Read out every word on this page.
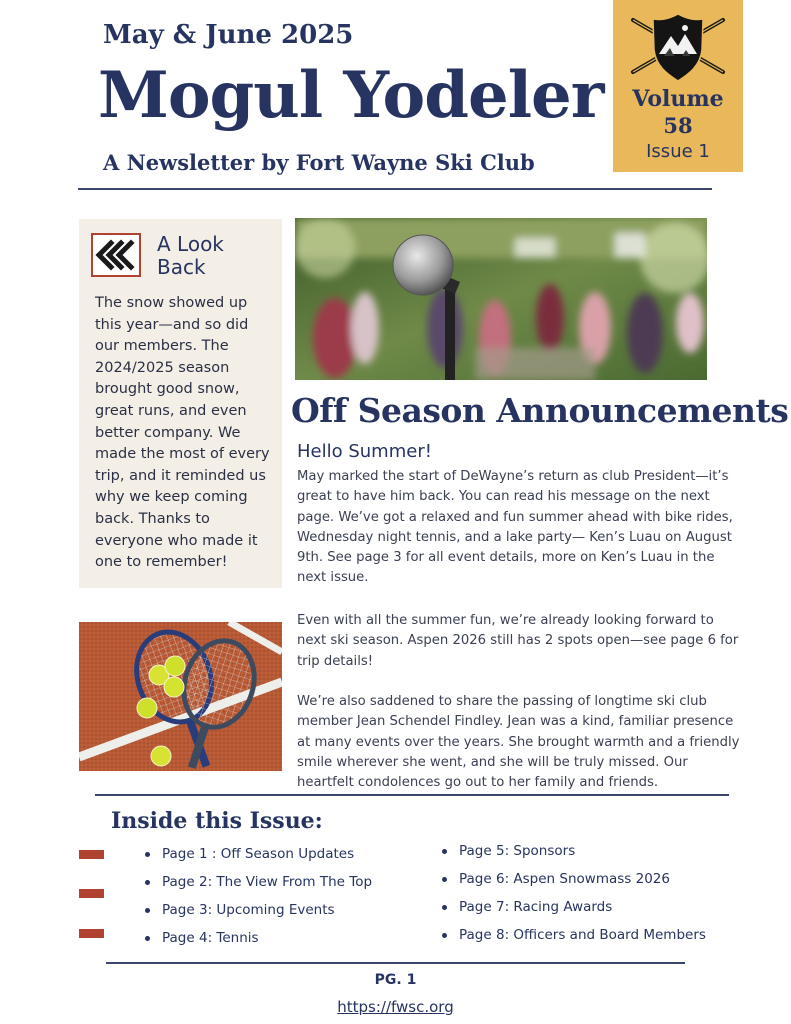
May & June 2025
Mogul Yodeler
A Newsletter by Fort Wayne Ski Club
Volume
58
Issue 1
A Look Back
The snow showed up this year—and so did our members. The 2024/2025 season brought good snow, great runs, and even better company. We made the most of every trip, and it reminded us why we keep coming back. Thanks to everyone who made it one to remember!
Off Season Announcements
Hello Summer!
May marked the start of DeWayne’s return as club President—it’s great to have him back. You can read his message on the next page. We’ve got a relaxed and fun summer ahead with bike rides, Wednesday night tennis, and a lake party— Ken’s Luau on August 9th. See page 3 for all event details, more on Ken’s Luau in the next issue.
Even with all the summer fun, we’re already looking forward to next ski season. Aspen 2026 still has 2 spots open—see page 6 for trip details!
We’re also saddened to share the passing of longtime ski club member Jean Schendel Findley. Jean was a kind, familiar presence at many events over the years. She brought warmth and a friendly smile wherever she went, and she will be truly missed. Our heartfelt condolences go out to her family and friends.
Inside this Issue:
Page 1 : Off Season Updates
Page 2: The View From The Top
Page 3: Upcoming Events
Page 4: Tennis
Page 5: Sponsors
Page 6: Aspen Snowmass 2026
Page 7: Racing Awards
Page 8: Officers and Board Members
PG. 1
https://fwsc.org
